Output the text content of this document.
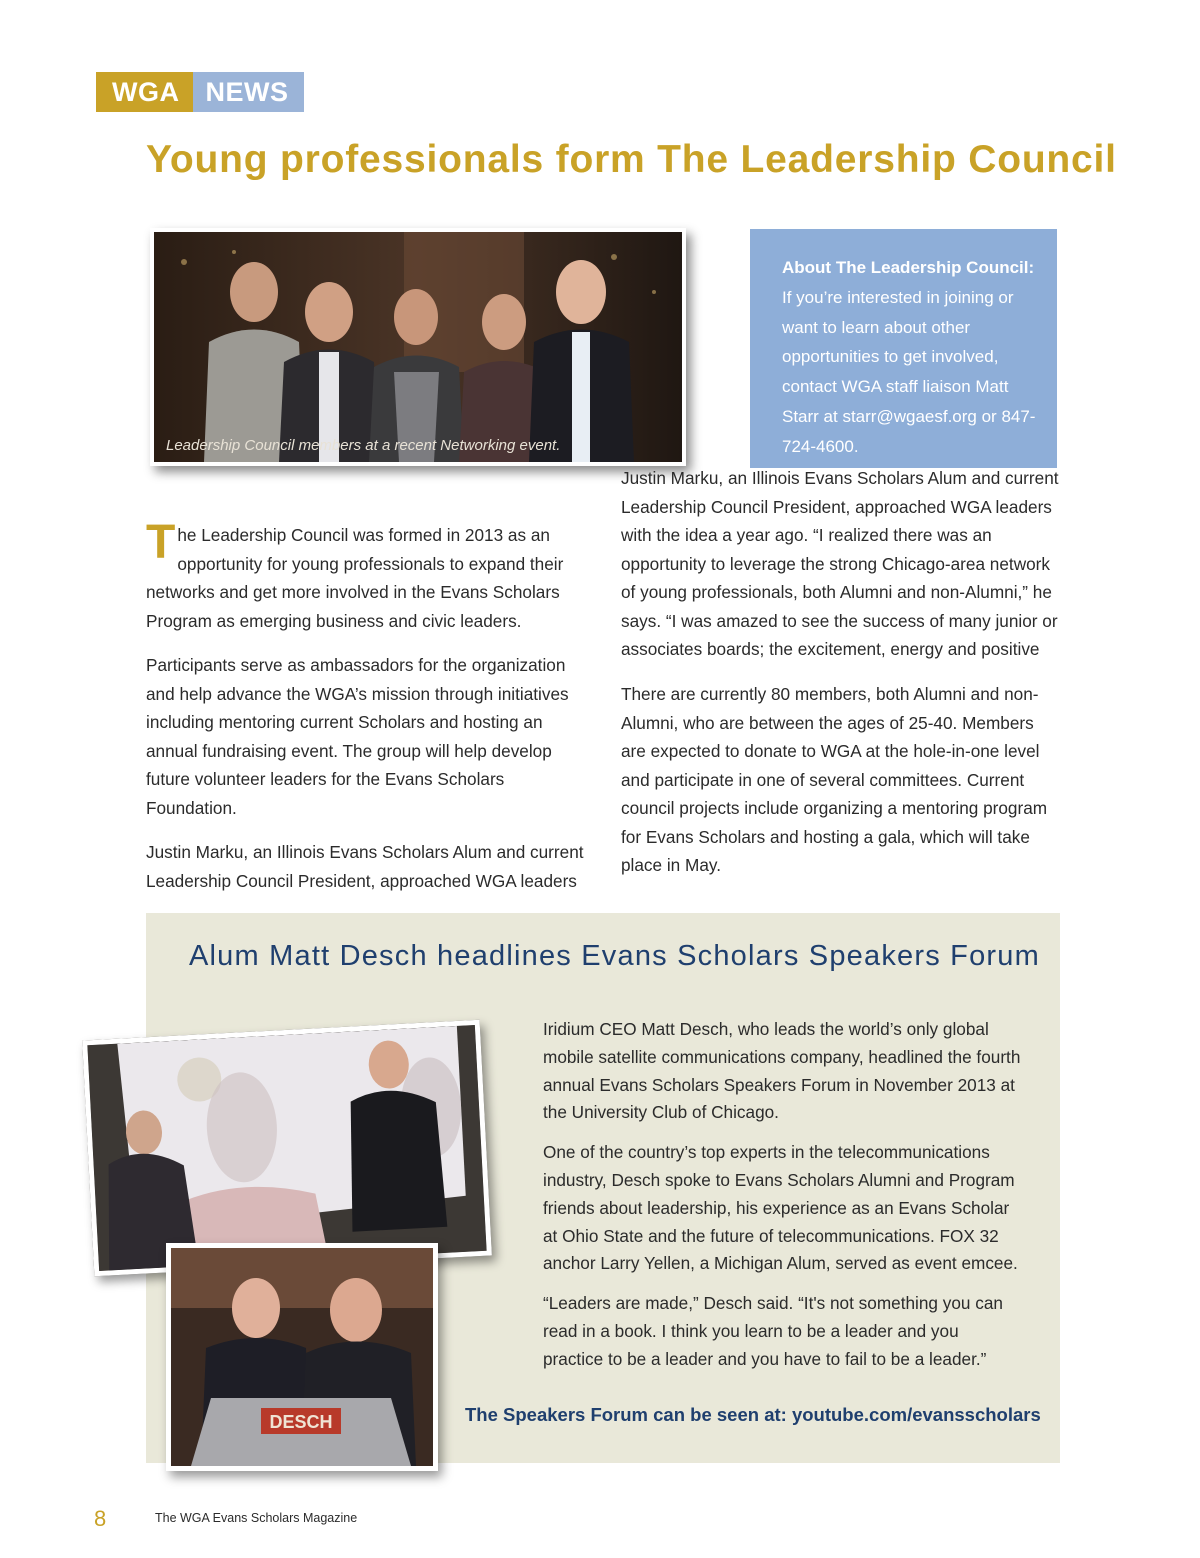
WGA NEWS
Young professionals form The Leadership Council
Leadership Council members at a recent Networking event.
About The Leadership Council:
If you’re interested in joining or want to learn about other opportunities to get involved, contact WGA staff liaison Matt Starr at starr@wgaesf.org or 847-724-4600.

The Leadership Council was formed in 2013 as an opportunity for young professionals to expand their networks and get more involved in the Evans Scholars Program as emerging business and civic leaders.

Participants serve as ambassadors for the organization and help advance the WGA’s mission through initiatives including mentoring current Scholars and hosting an annual fundraising event. The group will help develop future volunteer leaders for the Evans Scholars Foundation.

Justin Marku, an Illinois Evans Scholars Alum and current Leadership Council President, approached WGA leaders

Justin Marku, an Illinois Evans Scholars Alum and current Leadership Council President, approached WGA leaders with the idea a year ago. “I realized there was an opportunity to leverage the strong Chicago-area network of young professionals, both Alumni and non-Alumni,” he says. “I was amazed to see the success of many junior or associates boards; the excitement, energy and positive

There are currently 80 members, both Alumni and non-Alumni, who are between the ages of 25-40. Members are expected to donate to WGA at the hole-in-one level and participate in one of several committees. Current council projects include organizing a mentoring program for Evans Scholars and hosting a gala, which will take place in May.

Alum Matt Desch headlines Evans Scholars Speakers Forum
DESCH

Iridium CEO Matt Desch, who leads the world’s only global mobile satellite communications company, headlined the fourth annual Evans Scholars Speakers Forum in November 2013 at the University Club of Chicago.

One of the country’s top experts in the telecommunications industry, Desch spoke to Evans Scholars Alumni and Program friends about leadership, his experience as an Evans Scholar at Ohio State and the future of telecommunications. FOX 32 anchor Larry Yellen, a Michigan Alum, served as event emcee.

“Leaders are made,” Desch said. “It's not something you can read in a book. I think you learn to be a leader and you practice to be a leader and you have to fail to be a leader.”

The Speakers Forum can be seen at: youtube.com/evansscholars
8	The WGA Evans Scholars Magazine
